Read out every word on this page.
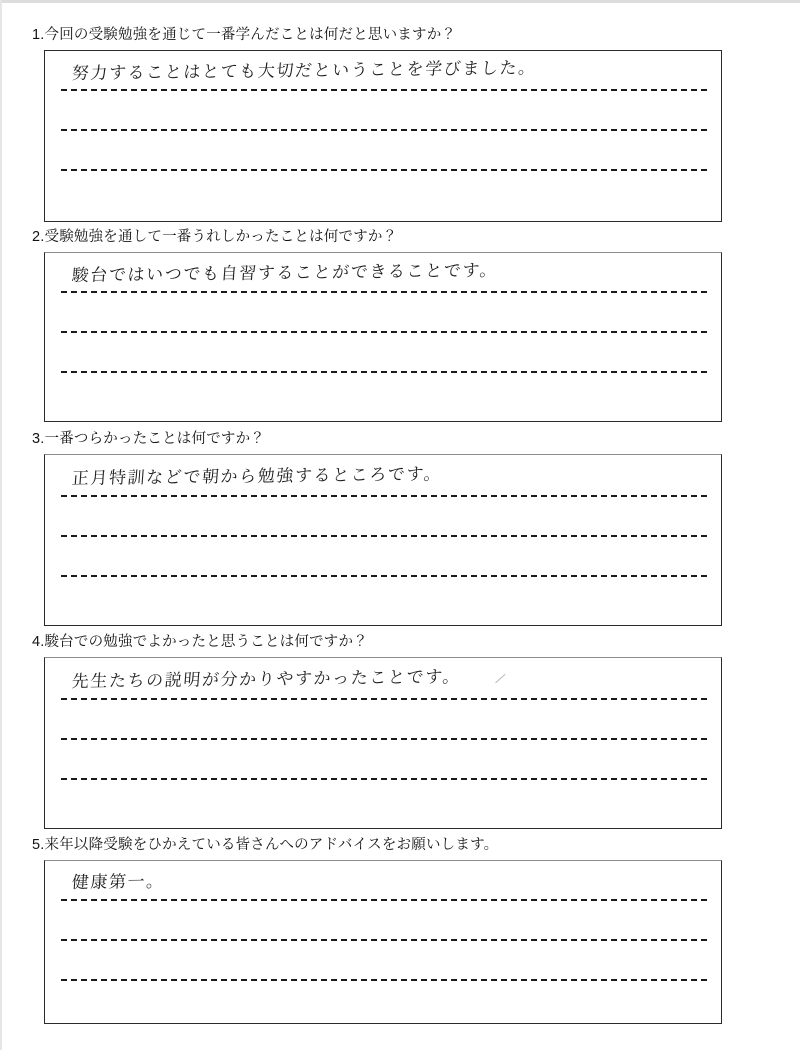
1.今回の受験勉強を通じて一番学んだことは何だと思いますか？
努力することはとても大切だということを学びました。
2.受験勉強を通して一番うれしかったことは何ですか？
駿台ではいつでも自習することができることです。
3.一番つらかったことは何ですか？
正月特訓などで朝から勉強するところです。
4.駿台での勉強でよかったと思うことは何ですか？
先生たちの説明が分かりやすかったことです。
5.来年以降受験をひかえている皆さんへのアドバイスをお願いします。
健康第一。
